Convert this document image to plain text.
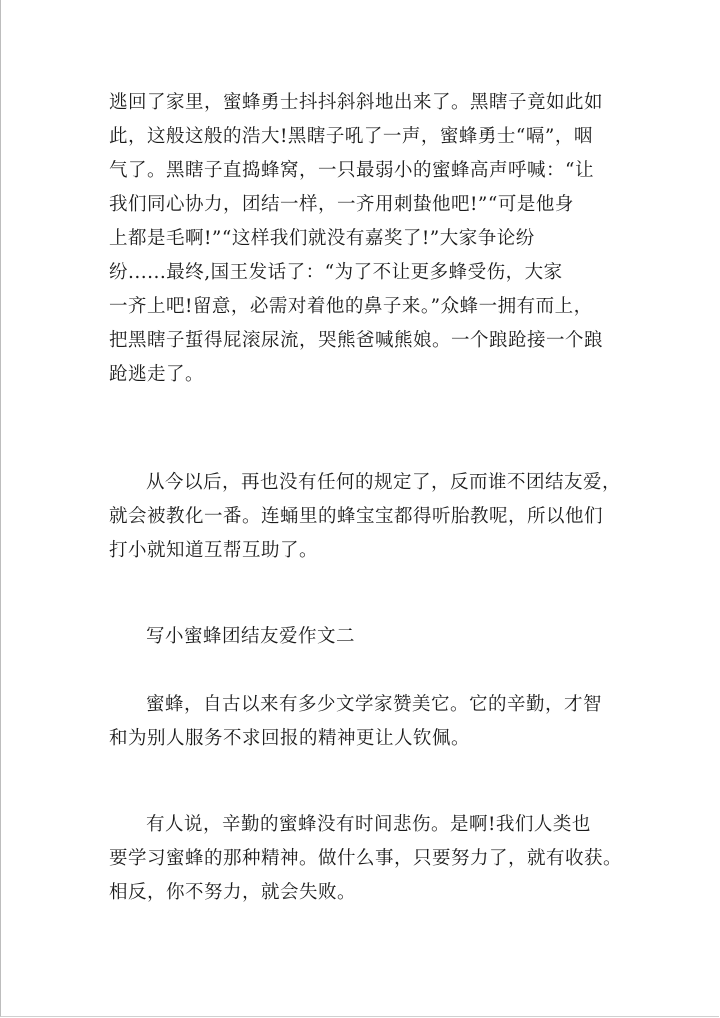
逃回了家里，蜜蜂勇士抖抖斜斜地出来了。黑瞎子竟如此如
此，这般这般的浩大!黑瞎子吼了一声，蜜蜂勇士“嗝”，咽
气了。黑瞎子直捣蜂窝，一只最弱小的蜜蜂高声呼喊：“让
我们同心协力，团结一样，一齐用刺蛰他吧!”“可是他身
上都是毛啊!”“这样我们就没有嘉奖了!”大家争论纷
纷......最终,国王发话了：“为了不让更多蜂受伤，大家
一齐上吧!留意，必需对着他的鼻子来。”众蜂一拥有而上，
把黑瞎子蜇得屁滚尿流，哭熊爸喊熊娘。一个踉跄接一个踉
跄逃走了。
从今以后，再也没有任何的规定了，反而谁不团结友爱，
就会被教化一番。连蛹里的蜂宝宝都得听胎教呢，所以他们
打小就知道互帮互助了。
写小蜜蜂团结友爱作文二
蜜蜂，自古以来有多少文学家赞美它。它的辛勤，才智
和为别人服务不求回报的精神更让人钦佩。
有人说，辛勤的蜜蜂没有时间悲伤。是啊!我们人类也
要学习蜜蜂的那种精神。做什么事，只要努力了，就有收获。
相反，你不努力，就会失败。
